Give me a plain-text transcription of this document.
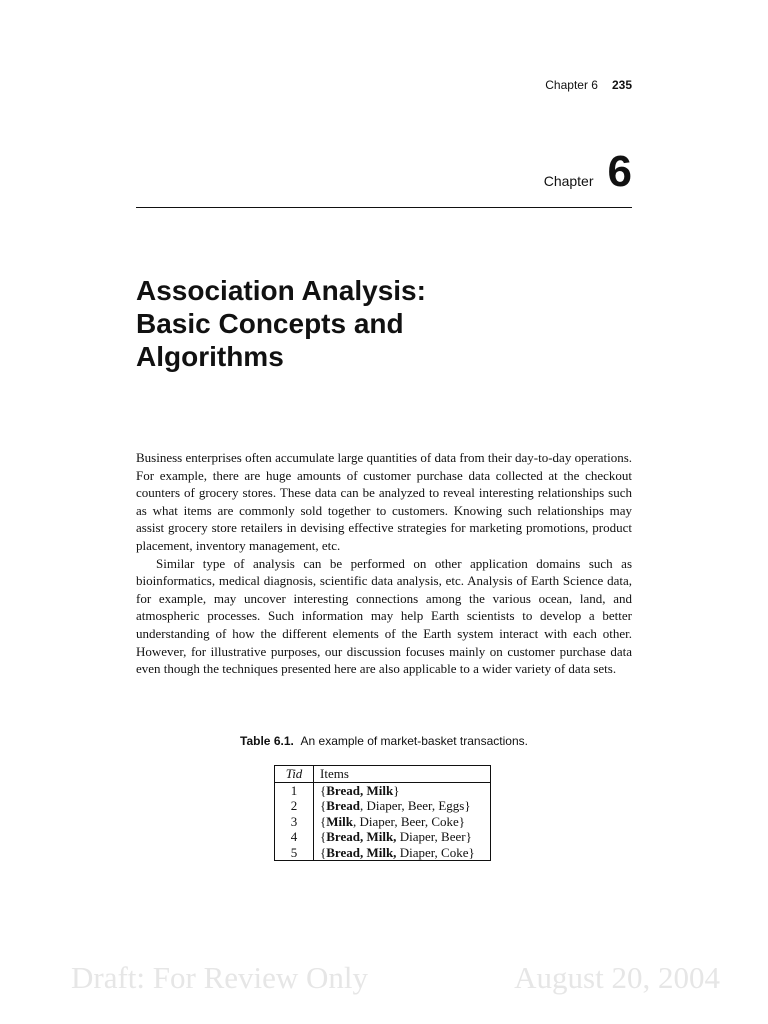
Chapter 6 235
Chapter 6
Association Analysis:
Basic Concepts and
Algorithms

Business enterprises often accumulate large quantities of data from their day-to-day operations. For example, there are huge amounts of customer purchase data collected at the checkout counters of grocery stores. These data can be analyzed to reveal interesting relationships such as what items are commonly sold together to customers. Knowing such relationships may assist grocery store retailers in devising effective strategies for marketing promotions, product placement, inventory management, etc.

Similar type of analysis can be performed on other application domains such as bioinformatics, medical diagnosis, scientific data analysis, etc. Analysis of Earth Science data, for example, may uncover interesting connections among the various ocean, land, and atmospheric processes. Such information may help Earth scientists to develop a better understanding of how the different elements of the Earth system interact with each other. However, for illustrative purposes, our discussion focuses mainly on customer purchase data even though the techniques presented here are also applicable to a wider variety of data sets.

Table 6.1. An example of market-basket transactions.
Tid	Items
1	{Bread, Milk}
2	{Bread, Diaper, Beer, Eggs}
3	{Milk, Diaper, Beer, Coke}
4	{Bread, Milk, Diaper, Beer}
5	{Bread, Milk, Diaper, Coke}
Draft: For Review Only	August 20, 2004
